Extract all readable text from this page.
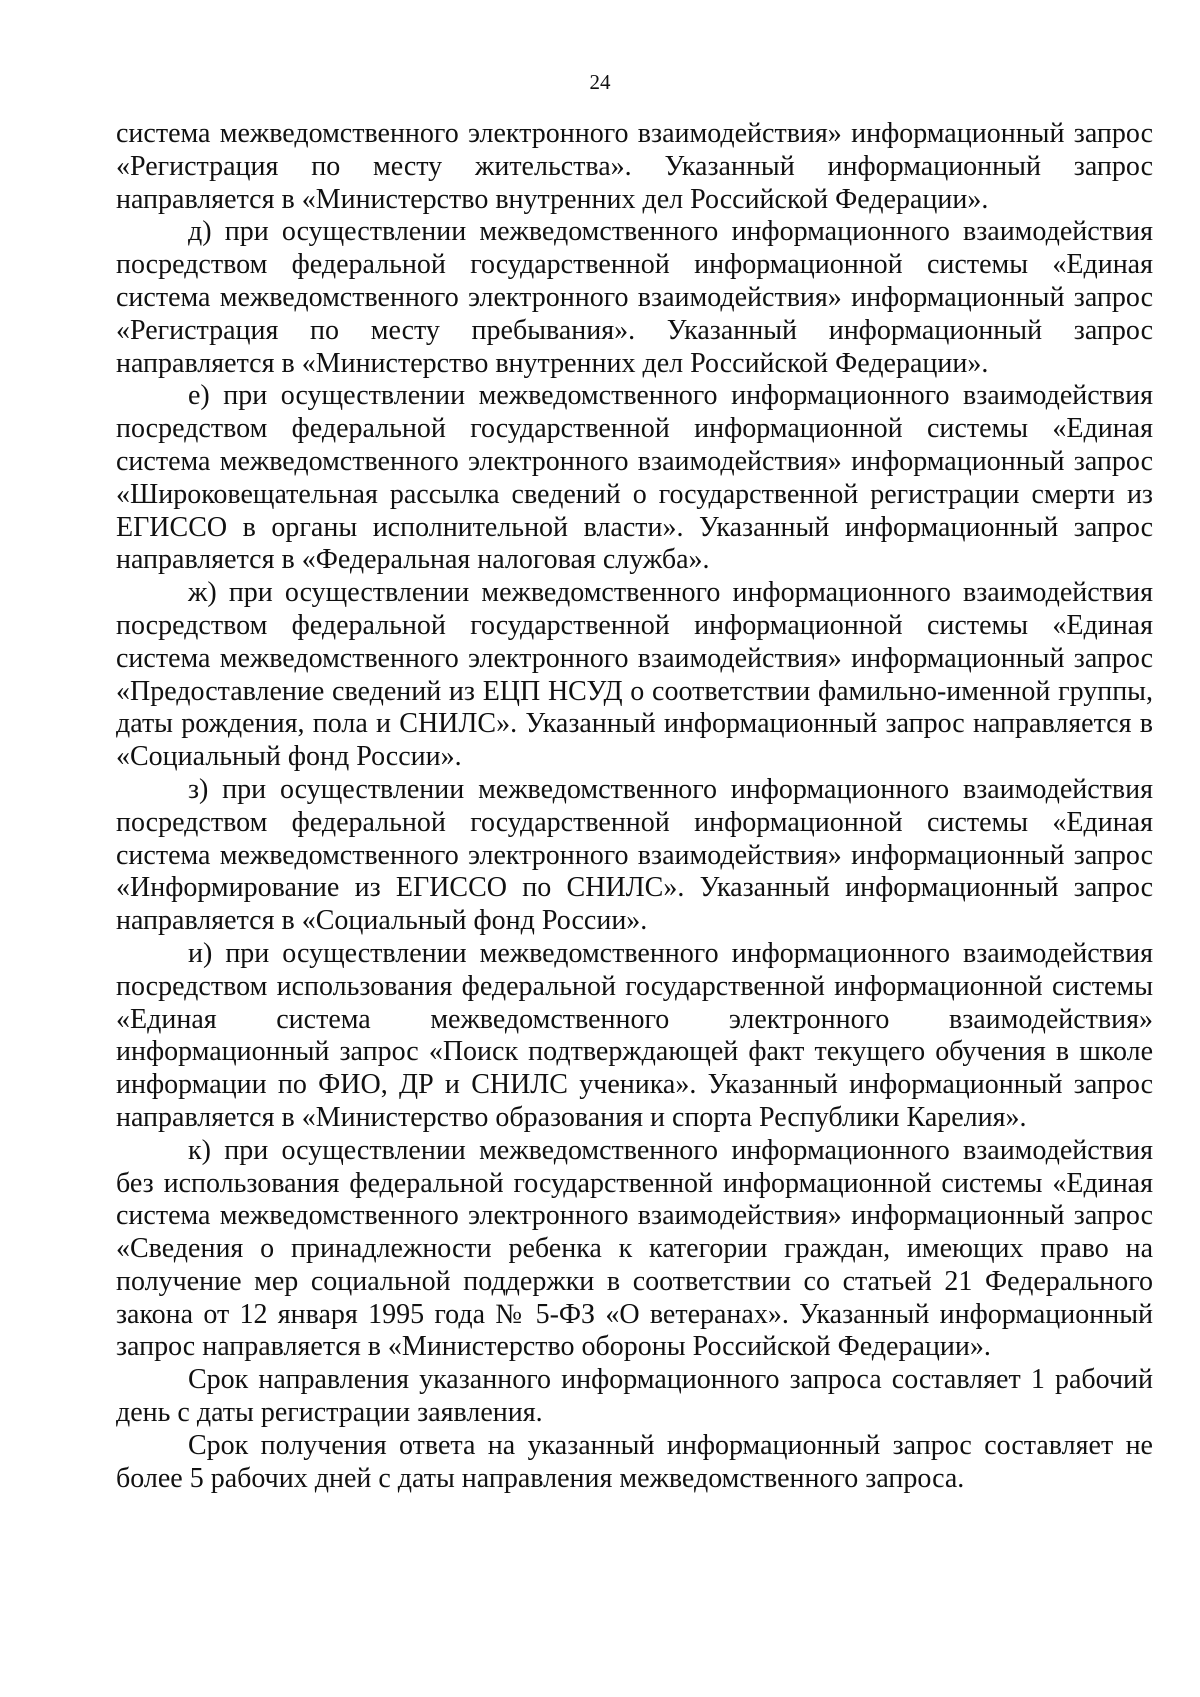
24

система межведомственного электронного взаимодействия» информационный запрос «Регистрация по месту жительства». Указанный информационный запрос направляется в «Министерство внутренних дел Российской Федерации».

д) при осуществлении межведомственного информационного взаимодействия посредством федеральной государственной информационной системы «Единая система межведомственного электронного взаимодействия» информационный запрос «Регистрация по месту пребывания». Указанный информационный запрос направляется в «Министерство внутренних дел Российской Федерации».

е) при осуществлении межведомственного информационного взаимодействия посредством федеральной государственной информационной системы «Единая система межведомственного электронного взаимодействия» информационный запрос «Широковещательная рассылка сведений о государственной регистрации смерти из ЕГИССО в органы исполнительной власти». Указанный информационный запрос направляется в «Федеральная налоговая служба».

ж) при осуществлении межведомственного информационного взаимодействия посредством федеральной государственной информационной системы «Единая система межведомственного электронного взаимодействия» информационный запрос «Предоставление сведений из ЕЦП НСУД о соответствии фамильно-именной группы, даты рождения, пола и СНИЛС». Указанный информационный запрос направляется в «Социальный фонд России».

з) при осуществлении межведомственного информационного взаимодействия посредством федеральной государственной информационной системы «Единая система межведомственного электронного взаимодействия» информационный запрос «Информирование из ЕГИССО по СНИЛС». Указанный информационный запрос направляется в «Социальный фонд России».

и) при осуществлении межведомственного информационного взаимодействия посредством использования федеральной государственной информационной системы «Единая система межведомственного электронного взаимодействия» информационный запрос «Поиск подтверждающей факт текущего обучения в школе информации по ФИО, ДР и СНИЛС ученика». Указанный информационный запрос направляется в «Министерство образования и спорта Республики Карелия».

к) при осуществлении межведомственного информационного взаимодействия без использования федеральной государственной информационной системы «Единая система межведомственного электронного взаимодействия» информационный запрос «Сведения о принадлежности ребенка к категории граждан, имеющих право на получение мер социальной поддержки в соответствии со статьей 21 Федерального закона от 12 января 1995 года № 5-ФЗ «О ветеранах». Указанный информационный запрос направляется в «Министерство обороны Российской Федерации».

Срок направления указанного информационного запроса составляет 1 рабочий день с даты регистрации заявления.

Срок получения ответа на указанный информационный запрос составляет не более 5 рабочих дней с даты направления межведомственного запроса.
